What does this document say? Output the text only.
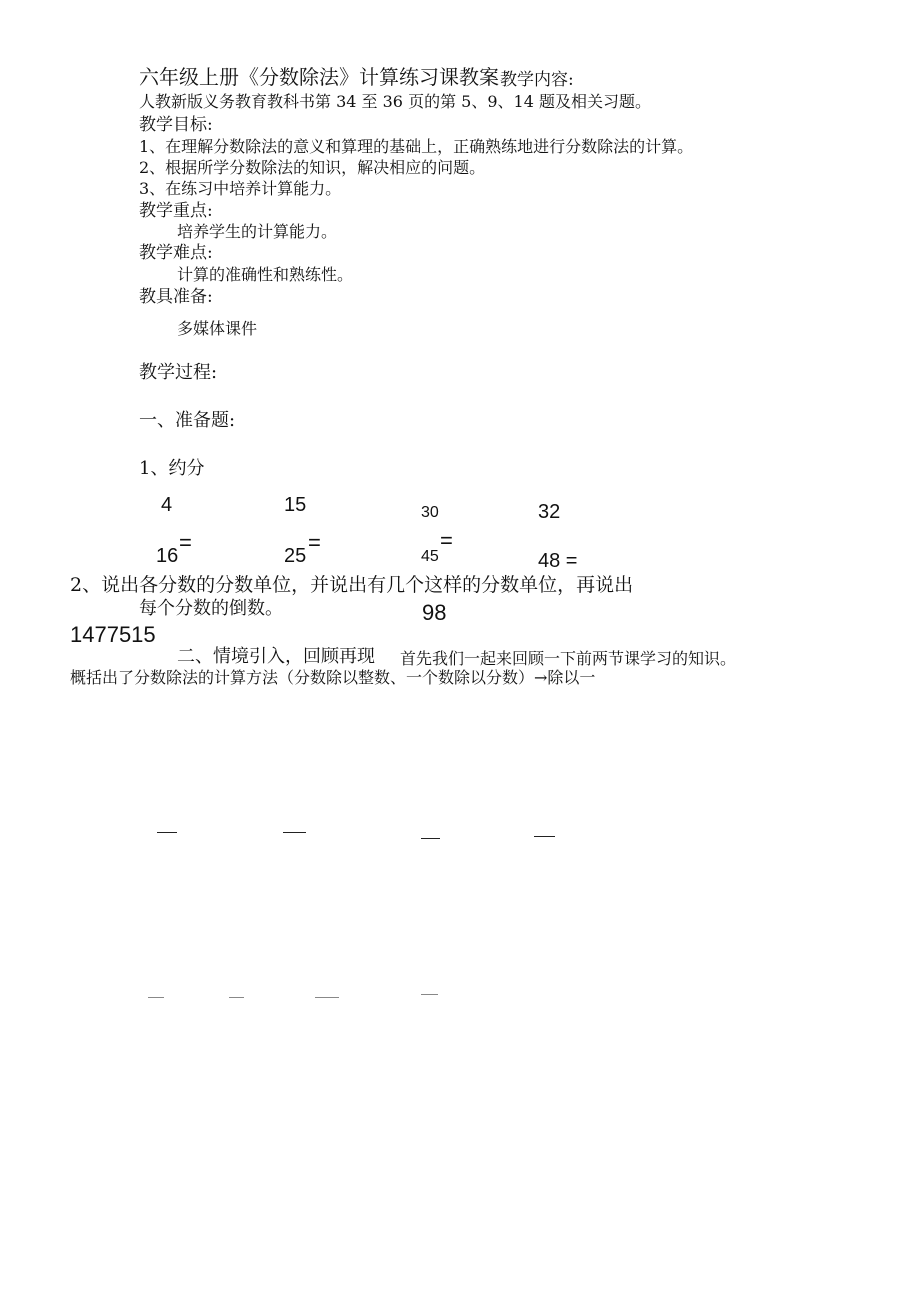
六年级上册《分数除法》计算练习课教案 教学内容:
人教新版义务教育教科书第 34 至 36 页的第 5、9、14 题及相关习题。
教学目标:
1、在理解分数除法的意义和算理的基础上，正确熟练地进行分数除法的计算。
2、根据所学分数除法的知识，解决相应的问题。
3、在练习中培养计算能力。
教学重点:
培养学生的计算能力。
教学难点:
计算的准确性和熟练性。
教具准备:
多媒体课件
教学过程:
一、准备题:
1、约分
4
16
=
15
25
=
30
45
=
32
48 =
2、说出各分数的分数单位，并说出有几个这样的分数单位，再说出
每个分数的倒数。	98
1477515
二、情境引入，回顾再现 首先我们一起来回顾一下前两节课学习的知识。
概括出了分数除法的计算方法（分数除以整数、一个数除以分数）→除以一
